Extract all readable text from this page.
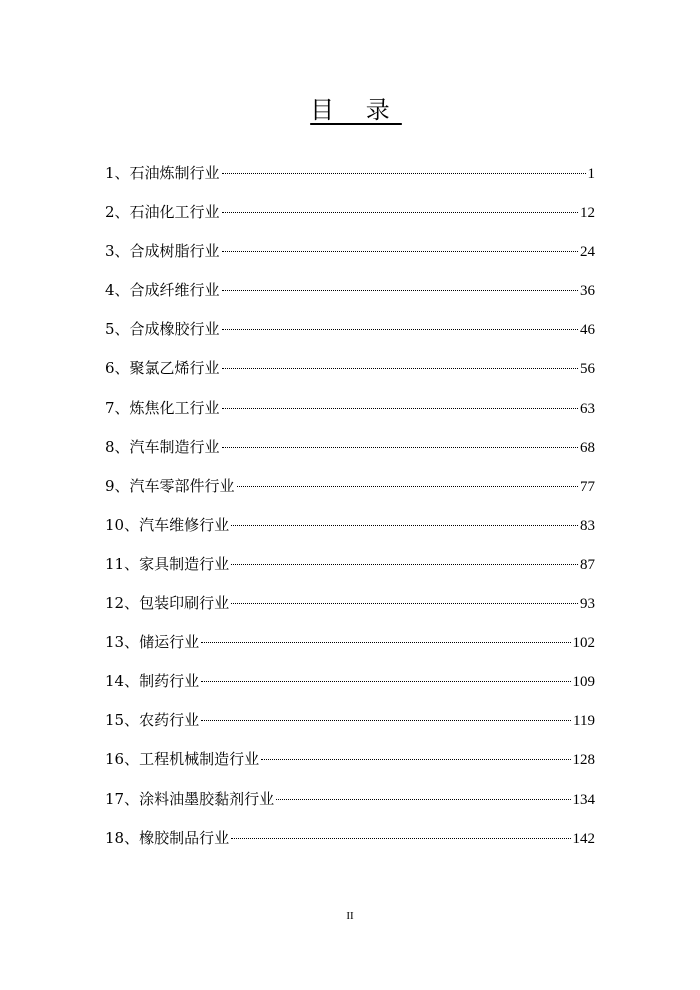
目 录
1、石油炼制行业	1
2、石油化工行业	12
3、合成树脂行业	24
4、合成纤维行业	36
5、合成橡胶行业	46
6、聚氯乙烯行业	56
7、炼焦化工行业	63
8、汽车制造行业	68
9、汽车零部件行业	77
10、汽车维修行业	83
11、家具制造行业	87
12、包装印刷行业	93
13、储运行业	102
14、制药行业	109
15、农药行业	119
16、工程机械制造行业	128
17、涂料油墨胶黏剂行业	134
18、橡胶制品行业	142
II
